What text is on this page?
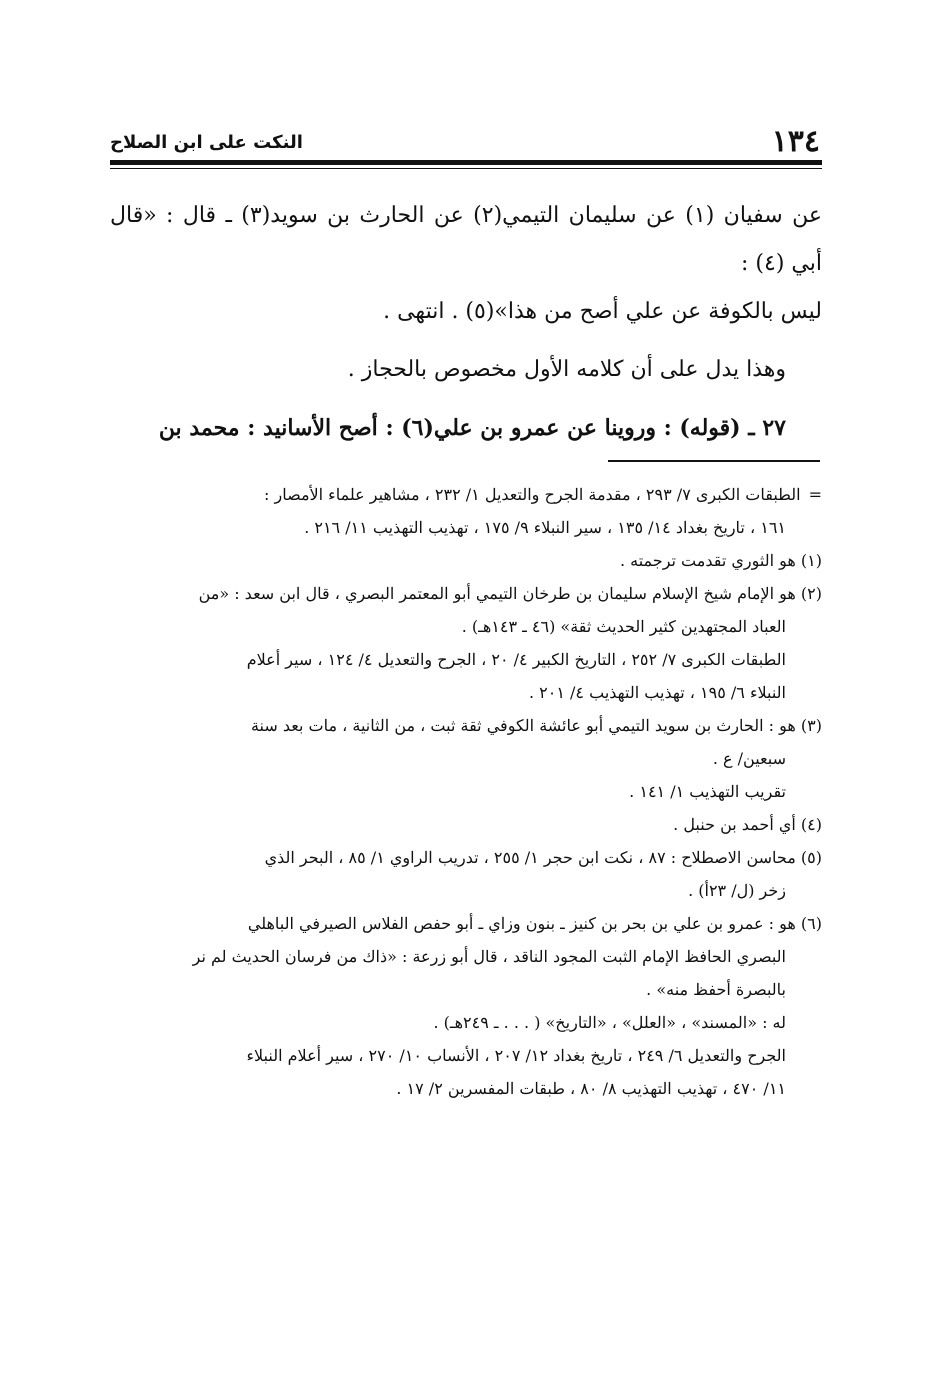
١٣٤
النكت على ابن الصلاح

عن سفيان (١) عن سليمان التيمي(٢) عن الحارث بن سويد(٣) ـ قال : «قال أبي (٤) :

ليس بالكوفة عن علي أصح من هذا»(٥) . انتهى .

وهذا يدل على أن كلامه الأول مخصوص بالحجاز .

٢٧ ـ (قوله) : وروينا عن عمرو بن علي(٦) : أصح الأسانيد : محمد بن

=الطبقات الكبرى ٧/ ٢٩٣ ، مقدمة الجرح والتعديل ١/ ٢٣٢ ، مشاهير علماء الأمصار :

١٦١ ، تاريخ بغداد ١٤/ ١٣٥ ، سير النبلاء ٩/ ١٧٥ ، تهذيب التهذيب ١١/ ٢١٦ .

(١) هو الثوري تقدمت ترجمته .

(٢) هو الإمام شيخ الإسلام سليمان بن طرخان التيمي أبو المعتمر البصري ، قال ابن سعد : «من

العباد المجتهدين كثير الحديث ثقة» (٤٦ ـ ١٤٣هـ) .

الطبقات الكبرى ٧/ ٢٥٢ ، التاريخ الكبير ٤/ ٢٠ ، الجرح والتعديل ٤/ ١٢٤ ، سير أعلام

النبلاء ٦/ ١٩٥ ، تهذيب التهذيب ٤/ ٢٠١ .

(٣) هو : الحارث بن سويد التيمي أبو عائشة الكوفي ثقة ثبت ، من الثانية ، مات بعد سنة

سبعين/ ع .

تقريب التهذيب ١/ ١٤١ .

(٤) أي أحمد بن حنبل .

(٥) محاسن الاصطلاح : ٨٧ ، نكت ابن حجر ١/ ٢٥٥ ، تدريب الراوي ١/ ٨٥ ، البحر الذي

زخر (ل/ ٢٣أ) .

(٦) هو : عمرو بن علي بن بحر بن كنيز ـ بنون وزاي ـ أبو حفص الفلاس الصيرفي الباهلي

البصري الحافظ الإمام الثبت المجود الناقد ، قال أبو زرعة : «ذاك من فرسان الحديث لم نر

بالبصرة أحفظ منه» .

له : «المسند» ، «العلل» ، «التاريخ» ( . . . ـ ٢٤٩هـ) .

الجرح والتعديل ٦/ ٢٤٩ ، تاريخ بغداد ١٢/ ٢٠٧ ، الأنساب ١٠/ ٢٧٠ ، سير أعلام النبلاء

١١/ ٤٧٠ ، تهذيب التهذيب ٨/ ٨٠ ، طبقات المفسرين ٢/ ١٧ .
